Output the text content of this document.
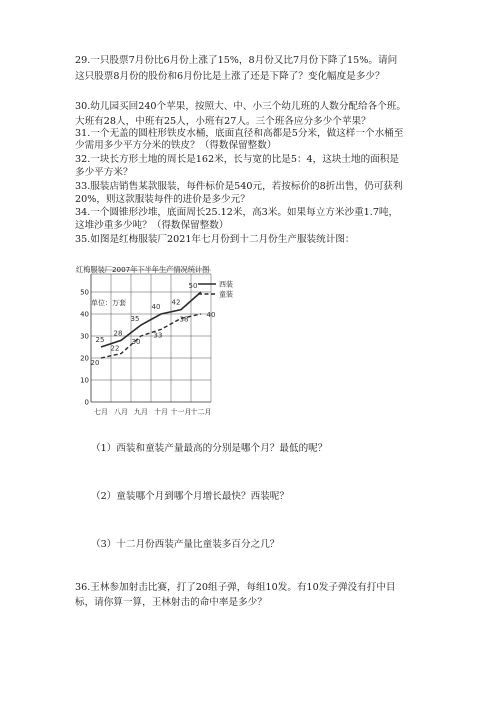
29.一只股票7月份比6月份上涨了15%，8月份又比7月份下降了15%。请问
这只股票8月份的股份和6月份比是上涨了还是下降了？变化幅度是多少？
30.幼儿园买回240个苹果，按照大、中、小三个幼儿班的人数分配给各个班。
大班有28人，中班有25人，小班有27人。三个班各应分多少个苹果？
31.一个无盖的圆柱形铁皮水桶，底面直径和高都是5分米，做这样一个水桶至
少需用多少平方分米的铁皮？（得数保留整数）
32.一块长方形土地的周长是162米，长与宽的比是5：4，这块土地的面积是
多少平方米？
33.服装店销售某款服装，每件标价是540元，若按标价的8折出售，仍可获利
20%，则这款服装每件的进价是多少元？
34.一个圆锥形沙堆，底面周长25.12米，高3米。如果每立方米沙重1.7吨，
这堆沙重多少吨？（得数保留整数）
35.如图是红梅服装厂2021年七月份到十二月份生产服装统计图：
红梅服装厂2007年下半年生产情况统计图
单位：万套
0
10
20
30
40
50
七月 八月 九月 十月 十一月 十二月
25
28
35
40
42
50
20
22
30
33
38
40
西装
童装
（1）西装和童装产量最高的分别是哪个月？最低的呢？
（2）童装哪个月到哪个月增长最快？西装呢？
（3）十二月份西装产量比童装多百分之几？
36.王林参加射击比赛，打了20组子弹，每组10发。有10发子弹没有打中目
标，请你算一算，王林射击的命中率是多少？
